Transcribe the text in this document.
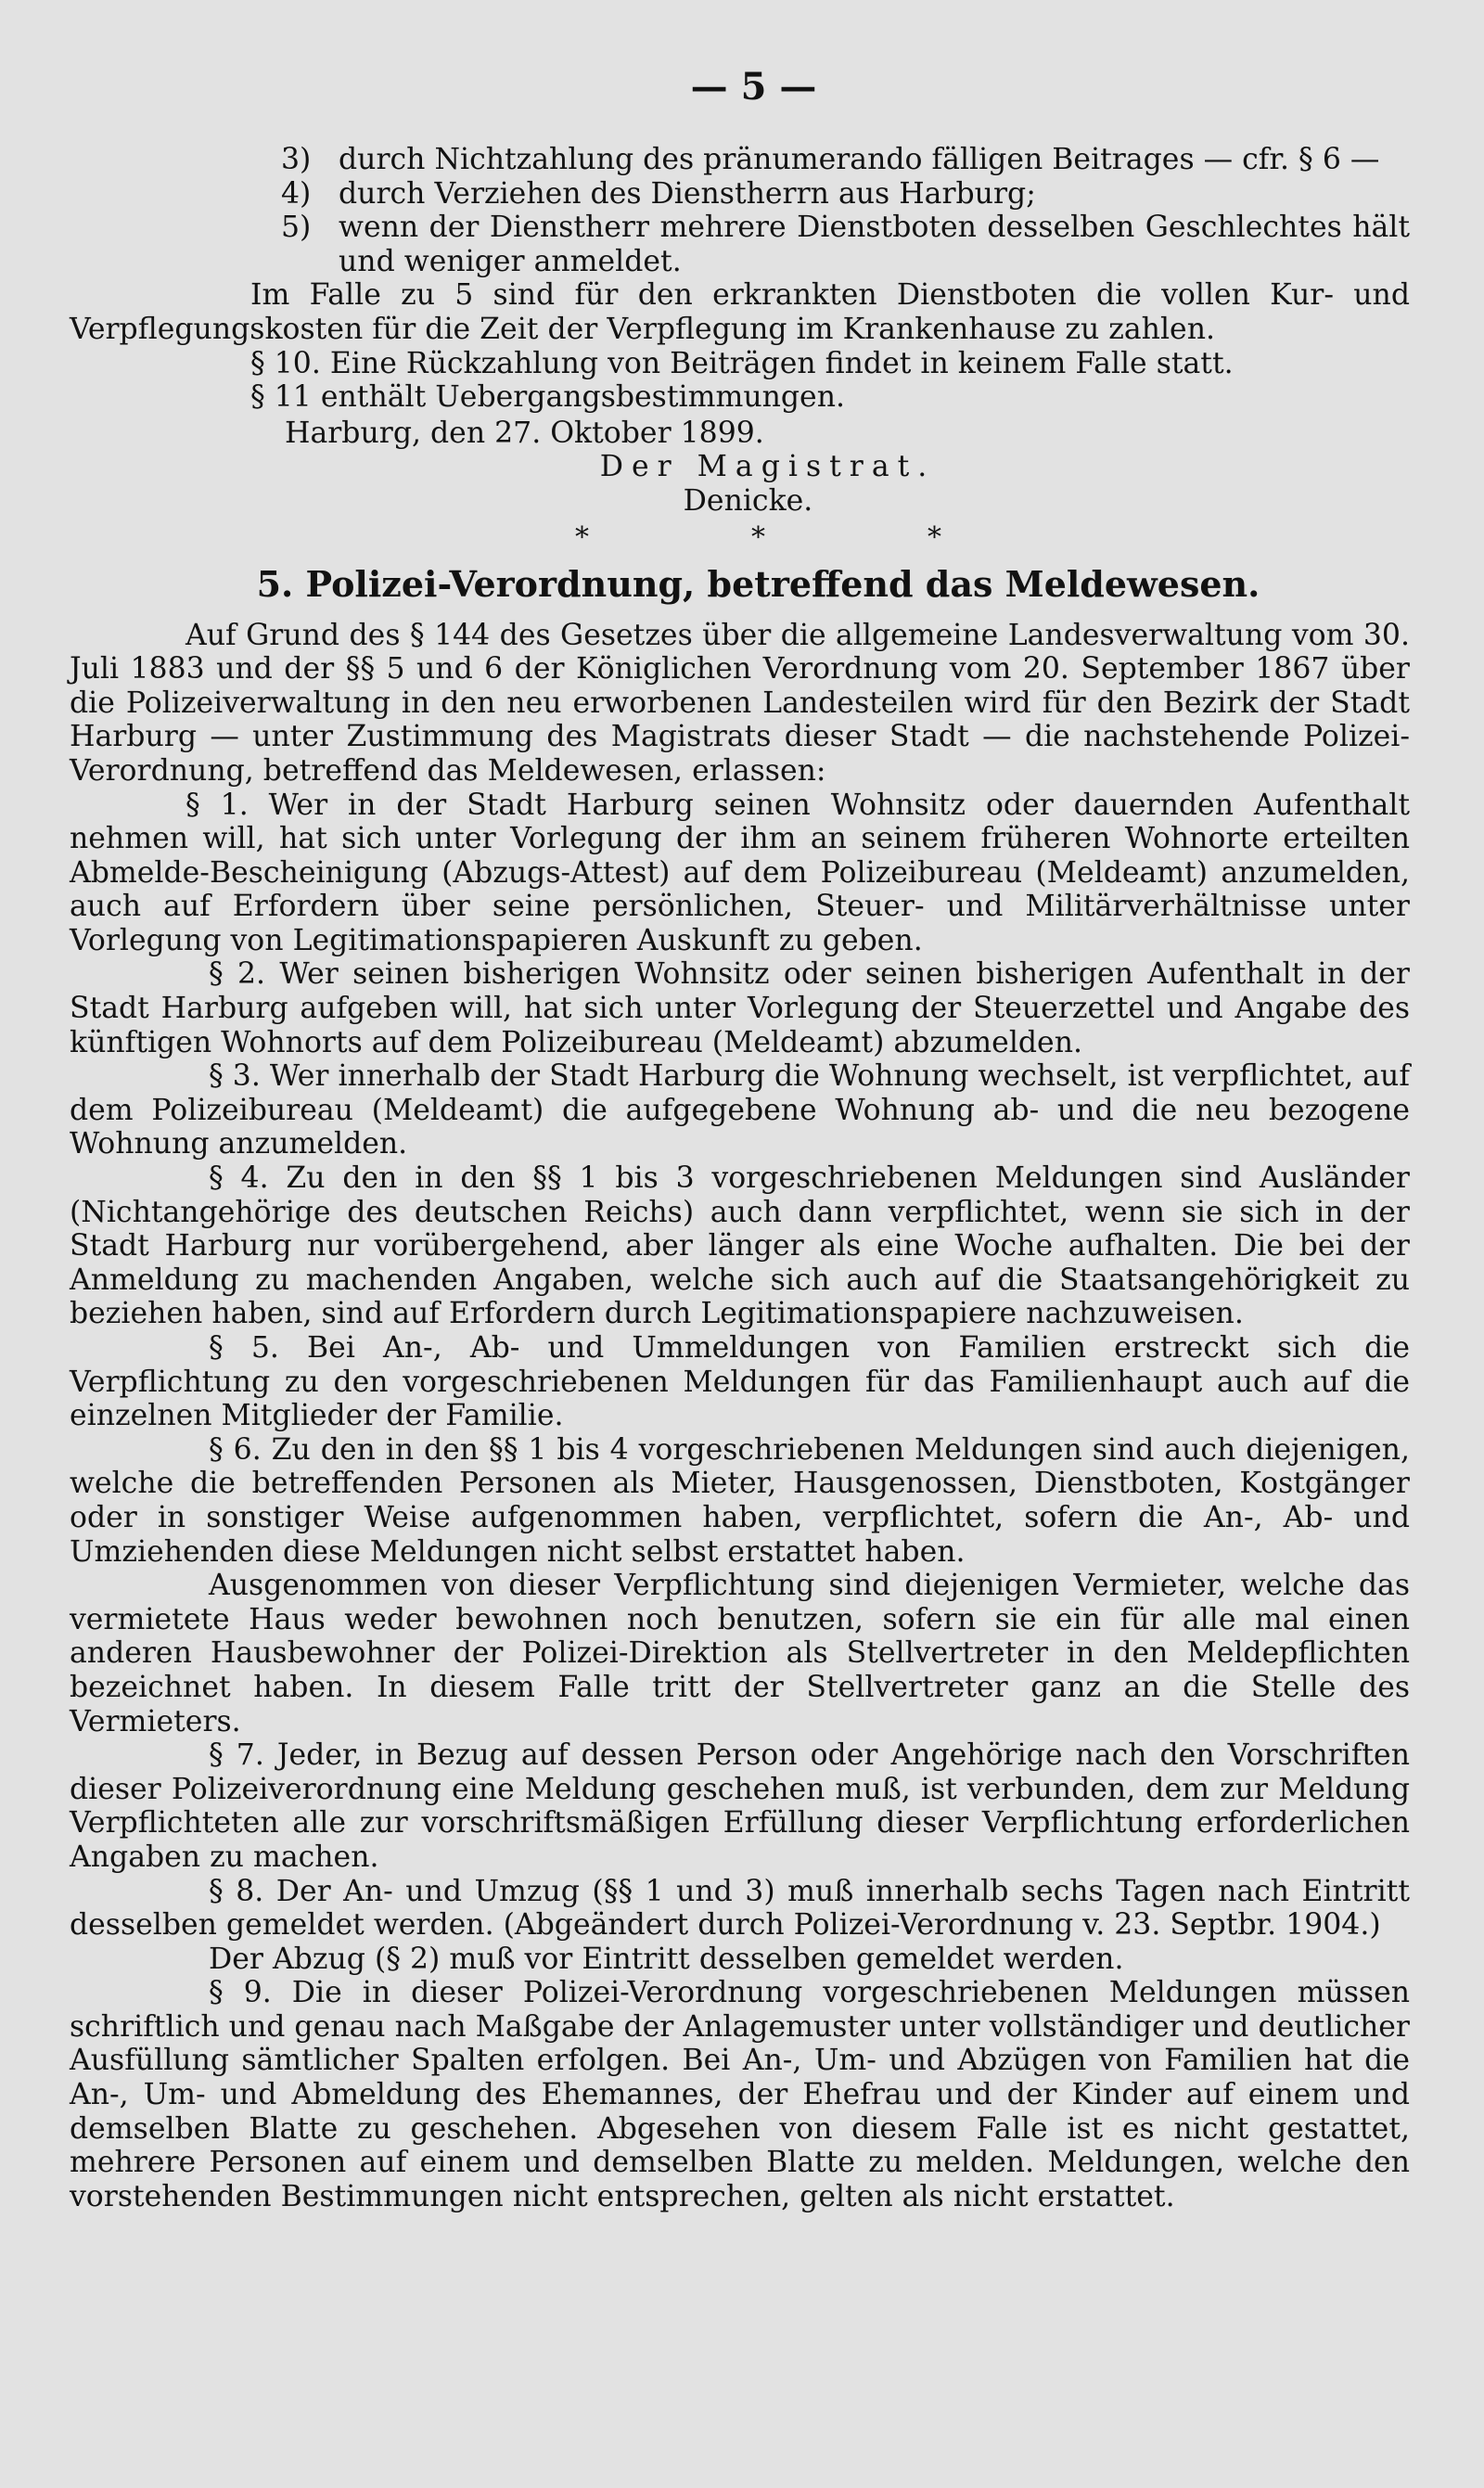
— 5 —
3) durch Nichtzahlung des pränumerando fälligen Beitrages — cfr. § 6 —
4) durch Verziehen des Dienstherrn aus Harburg;
5) wenn der Dienstherr mehrere Dienstboten desselben Geschlechtes hält und weniger anmeldet.

Im Falle zu 5 sind für den erkrankten Dienstboten die vollen Kur- und Verpflegungskosten für die Zeit der Verpflegung im Krankenhause zu zahlen.

§ 10. Eine Rückzahlung von Beiträgen findet in keinem Falle statt.

§ 11 enthält Uebergangsbestimmungen.

Harburg, den 27. Oktober 1899.

Der Magistrat.

Denicke.

*	*	*
5. Polizei-Verordnung, betreffend das Meldewesen.

Auf Grund des § 144 des Gesetzes über die allgemeine Landesverwaltung vom 30. Juli 1883 und der §§ 5 und 6 der Königlichen Verordnung vom 20. September 1867 über die Polizeiverwaltung in den neu erworbenen Landesteilen wird für den Bezirk der Stadt Harburg — unter Zustimmung des Magistrats dieser Stadt — die nachstehende Polizei-Verordnung, betreffend das Meldewesen, erlassen:

§ 1. Wer in der Stadt Harburg seinen Wohnsitz oder dauernden Aufenthalt nehmen will, hat sich unter Vorlegung der ihm an seinem früheren Wohnorte erteilten Abmelde-Bescheinigung (Abzugs-Attest) auf dem Polizeibureau (Meldeamt) anzumelden, auch auf Erfordern über seine persönlichen, Steuer- und Militärverhältnisse unter Vorlegung von Legitimationspapieren Auskunft zu geben.

§ 2. Wer seinen bisherigen Wohnsitz oder seinen bisherigen Aufenthalt in der Stadt Harburg aufgeben will, hat sich unter Vorlegung der Steuerzettel und Angabe des künftigen Wohnorts auf dem Polizeibureau (Meldeamt) abzumelden.

§ 3. Wer innerhalb der Stadt Harburg die Wohnung wechselt, ist verpflichtet, auf dem Polizeibureau (Meldeamt) die aufgegebene Wohnung ab- und die neu bezogene Wohnung anzumelden.

§ 4. Zu den in den §§ 1 bis 3 vorgeschriebenen Meldungen sind Ausländer (Nichtangehörige des deutschen Reichs) auch dann verpflichtet, wenn sie sich in der Stadt Harburg nur vorübergehend, aber länger als eine Woche aufhalten. Die bei der Anmeldung zu machenden Angaben, welche sich auch auf die Staatsangehörigkeit zu beziehen haben, sind auf Erfordern durch Legitimationspapiere nachzuweisen.

§ 5. Bei An-, Ab- und Ummeldungen von Familien erstreckt sich die Verpflichtung zu den vorgeschriebenen Meldungen für das Familienhaupt auch auf die einzelnen Mitglieder der Familie.

§ 6. Zu den in den §§ 1 bis 4 vorgeschriebenen Meldungen sind auch diejenigen, welche die betreffenden Personen als Mieter, Hausgenossen, Dienstboten, Kostgänger oder in sonstiger Weise aufgenommen haben, verpflichtet, sofern die An-, Ab- und Umziehenden diese Meldungen nicht selbst erstattet haben.

Ausgenommen von dieser Verpflichtung sind diejenigen Vermieter, welche das vermietete Haus weder bewohnen noch benutzen, sofern sie ein für alle mal einen anderen Hausbewohner der Polizei-Direktion als Stellvertreter in den Meldepflichten bezeichnet haben. In diesem Falle tritt der Stellvertreter ganz an die Stelle des Vermieters.

§ 7. Jeder, in Bezug auf dessen Person oder Angehörige nach den Vorschriften dieser Polizeiverordnung eine Meldung geschehen muß, ist verbunden, dem zur Meldung Verpflichteten alle zur vorschriftsmäßigen Erfüllung dieser Verpflichtung erforderlichen Angaben zu machen.

§ 8. Der An- und Umzug (§§ 1 und 3) muß innerhalb sechs Tagen nach Eintritt desselben gemeldet werden. (Abgeändert durch Polizei-Verordnung v. 23. Septbr. 1904.)

Der Abzug (§ 2) muß vor Eintritt desselben gemeldet werden.

§ 9. Die in dieser Polizei-Verordnung vorgeschriebenen Meldungen müssen schriftlich und genau nach Maßgabe der Anlagemuster unter vollständiger und deutlicher Ausfüllung sämtlicher Spalten erfolgen. Bei An-, Um- und Abzügen von Familien hat die An-, Um- und Abmeldung des Ehemannes, der Ehefrau und der Kinder auf einem und demselben Blatte zu geschehen. Abgesehen von diesem Falle ist es nicht gestattet, mehrere Personen auf einem und demselben Blatte zu melden. Meldungen, welche den vorstehenden Bestimmungen nicht entsprechen, gelten als nicht erstattet.
